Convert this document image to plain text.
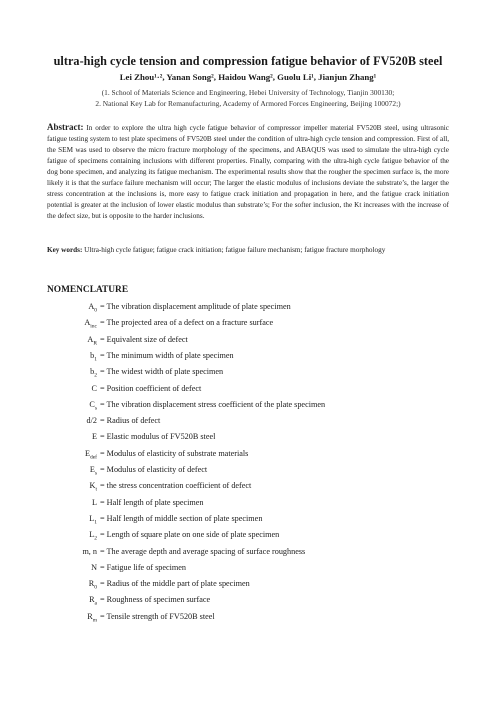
ultra-high cycle tension and compression fatigue behavior of FV520B steel
Lei Zhou¹·², Yanan Song², Haidou Wang², Guolu Li¹, Jianjun Zhang¹
(1. School of Materials Science and Engineering, Hebei University of Technology, Tianjin 300130;
2. National Key Lab for Remanufacturing, Academy of Armored Forces Engineering, Beijing 100072;)
Abstract: In order to explore the ultra high cycle fatigue behavior of compressor impeller material FV520B steel, using ultrasonic fatigue testing system to test plate specimens of FV520B steel under the condition of ultra-high cycle tension and compression. First of all, the SEM was used to observe the micro fracture morphology of the specimens, and ABAQUS was used to simulate the ultra-high cycle fatigue of specimens containing inclusions with different properties. Finally, comparing with the ultra-high cycle fatigue behavior of the dog bone specimen, and analyzing its fatigue mechanism. The experimental results show that the rougher the specimen surface is, the more likely it is that the surface failure mechanism will occur; The larger the elastic modulus of inclusions deviate the substrate’s, the larger the stress concentration at the inclusions is, more easy to fatigue crack initiation and propagation in here, and the fatigue crack initiation potential is greater at the inclusion of lower elastic modulus than substrate’s; For the softer inclusion, the Kt increases with the increase of the defect size, but is opposite to the harder inclusions.
Key words: Ultra-high cycle fatigue; fatigue crack initiation; fatigue failure mechanism; fatigue fracture morphology
NOMENCLATURE
$A_0$ = The vibration displacement amplitude of plate specimen
$A_{inc}$ = The projected area of a defect on a fracture surface
$A_R$ = Equivalent size of defect
$b_1$ = The minimum width of plate specimen
$b_2$ = The widest width of plate specimen
C = Position coefficient of defect
$C_s$ = The vibration displacement stress coefficient of the plate specimen
d/2 = Radius of defect
E = Elastic modulus of FV520B steel
$E_{def}$ = Modulus of elasticity of substrate materials
$E_s$ = Modulus of elasticity of defect
$K_t$ = the stress concentration coefficient of defect
L = Half length of plate specimen
$L_1$ = Half length of middle section of plate specimen
$L_2$ = Length of square plate on one side of plate specimen
m, n = The average depth and average spacing of surface roughness
N = Fatigue life of specimen
$R_0$ = Radius of the middle part of plate specimen
$R_a$ = Roughness of specimen surface
$R_m$ = Tensile strength of FV520B steel
